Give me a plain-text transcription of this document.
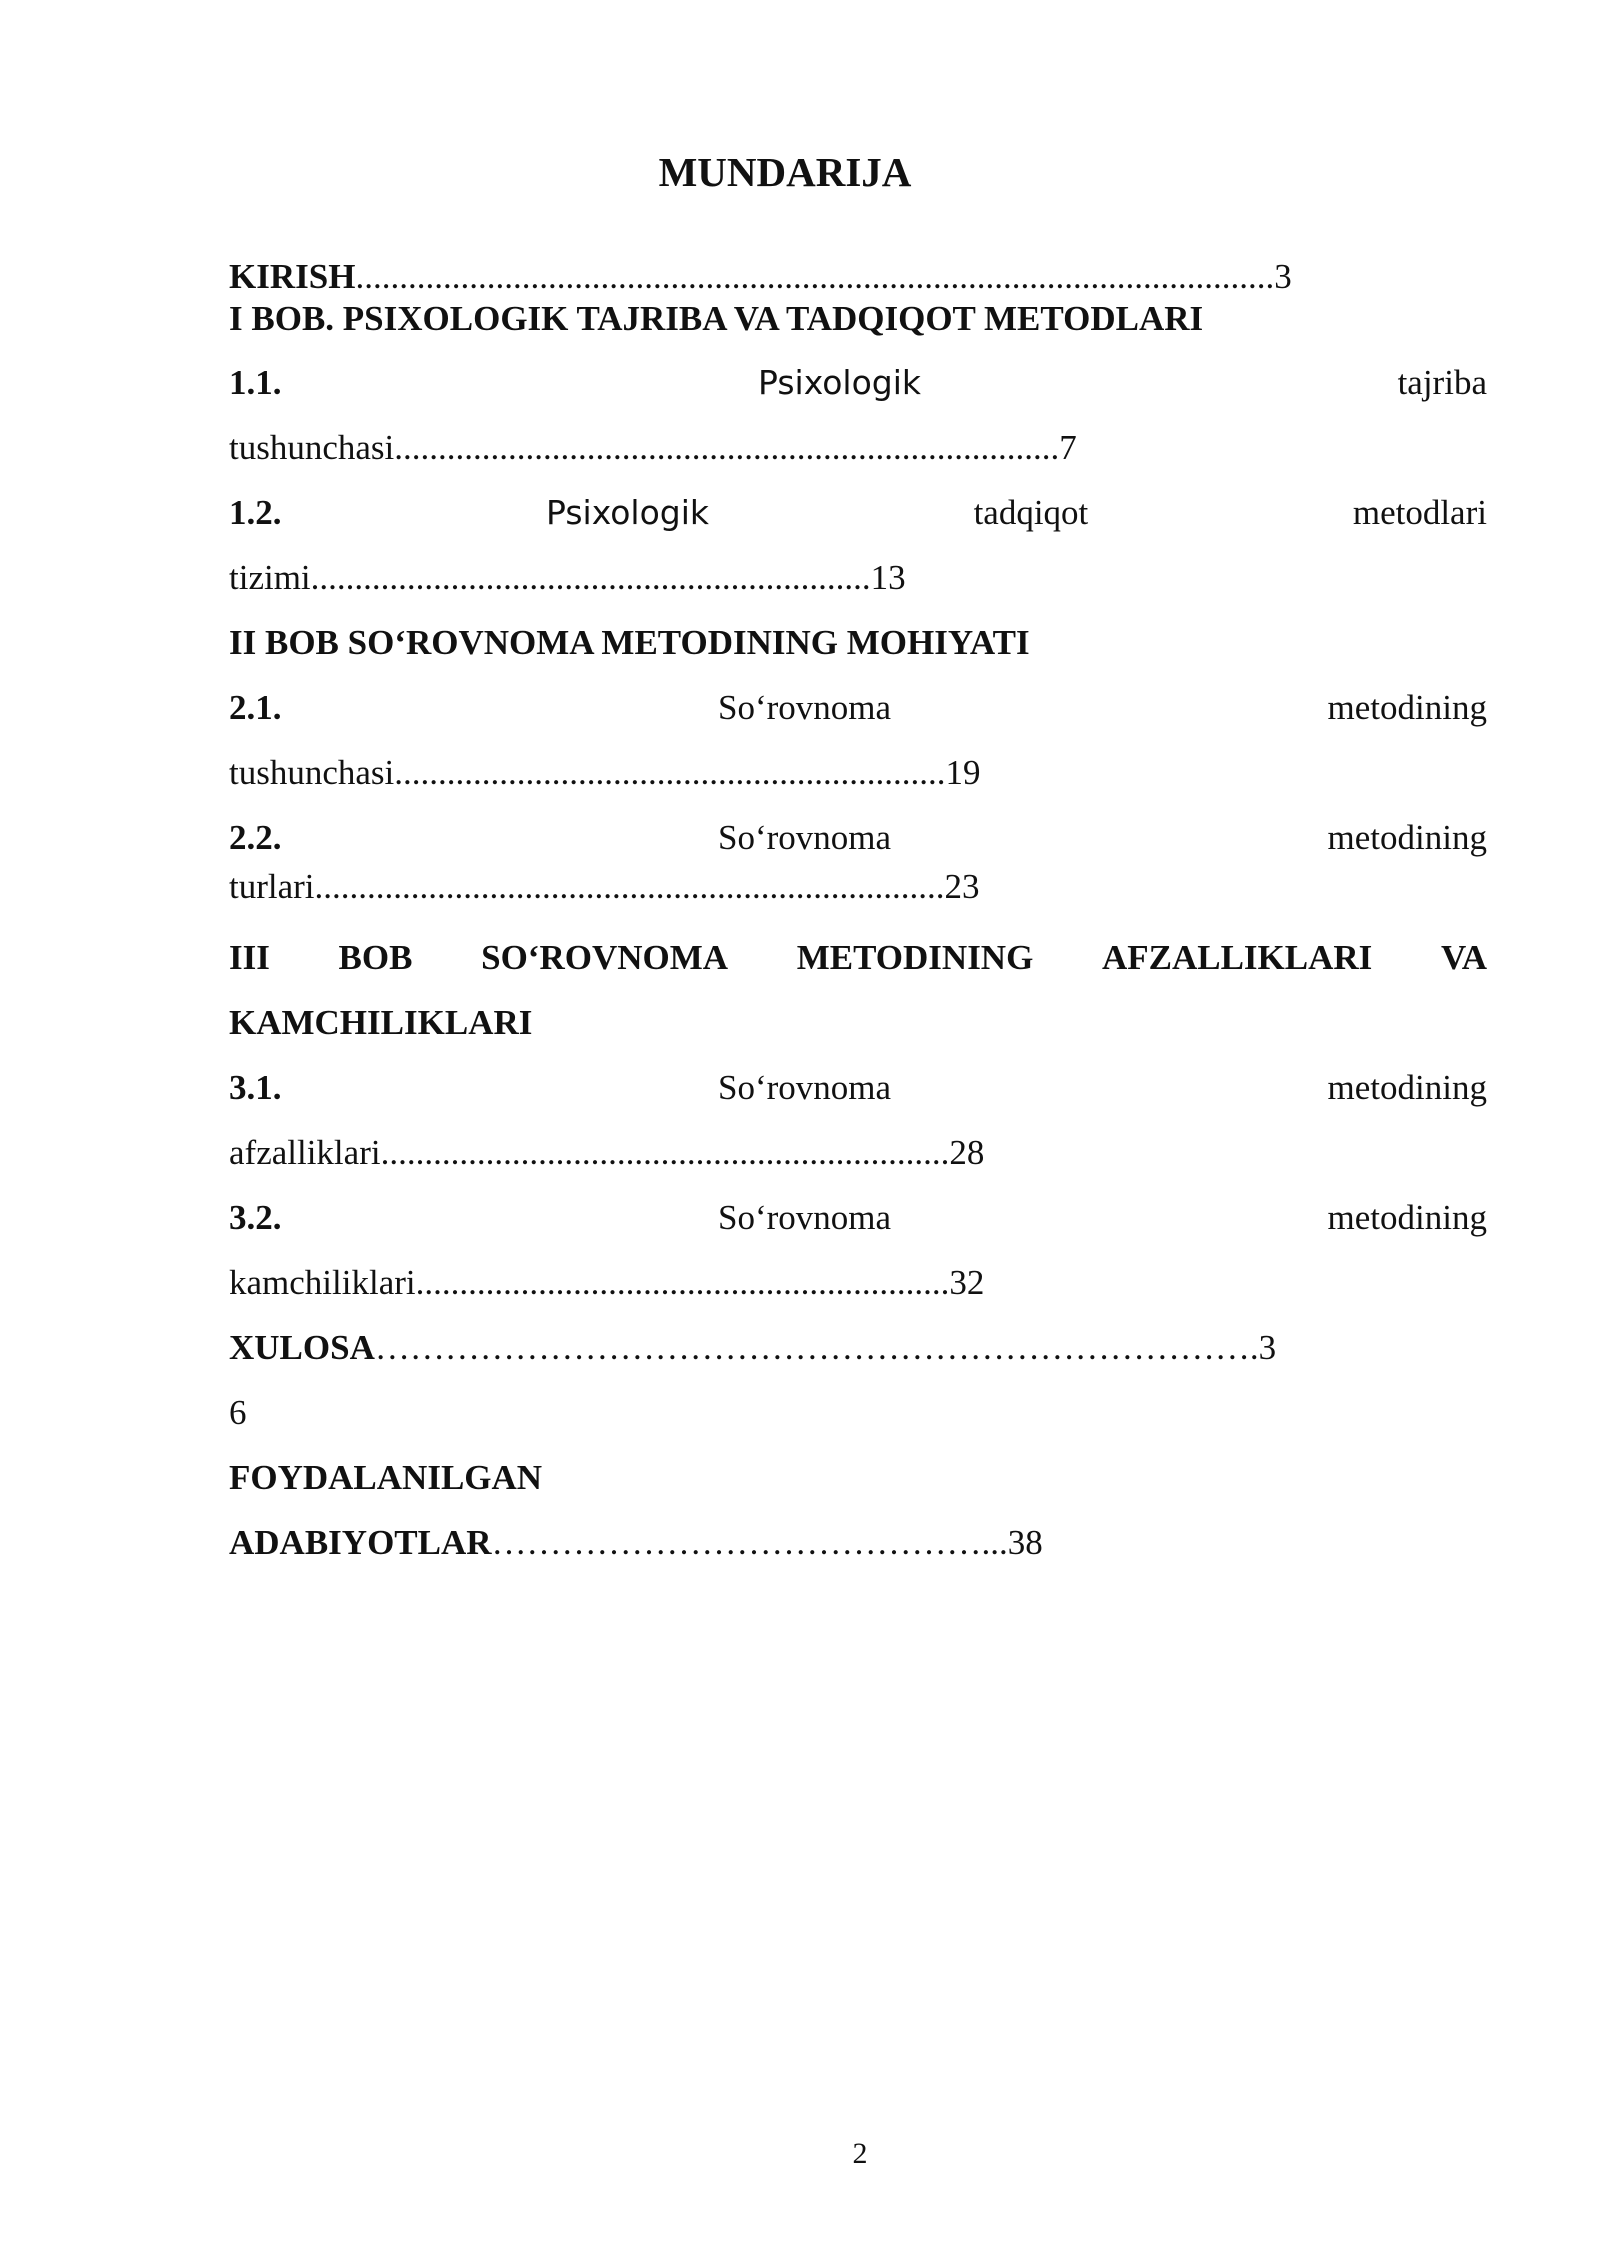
MUNDARIJA
KIRISH.........................................................................................................3
I BOB. PSIXOLOGIK TAJRIBA VA TADQIQOT METODLARI
1.1.	Psixologik	tajriba
tushunchasi............................................................................7
1.2.	Psixologik	tadqiqot	metodlari
tizimi................................................................13
II BOB SO‘ROVNOMA METODINING MOHIYATI
2.1.	So‘rovnoma	metodining
tushunchasi...............................................................19
2.2.	So‘rovnoma	metodining
turlari........................................................................23
III BOB SO‘ROVNOMA METODINING AFZALLIKLARI VA
KAMCHILIKLARI
3.1.	So‘rovnoma	metodining
afzalliklari.................................................................28
3.2.	So‘rovnoma	metodining
kamchiliklari.............................................................32
XULOSA………………………………………………………………….3
6
FOYDALANILGAN
ADABIYOTLAR……………………………………...38
2
